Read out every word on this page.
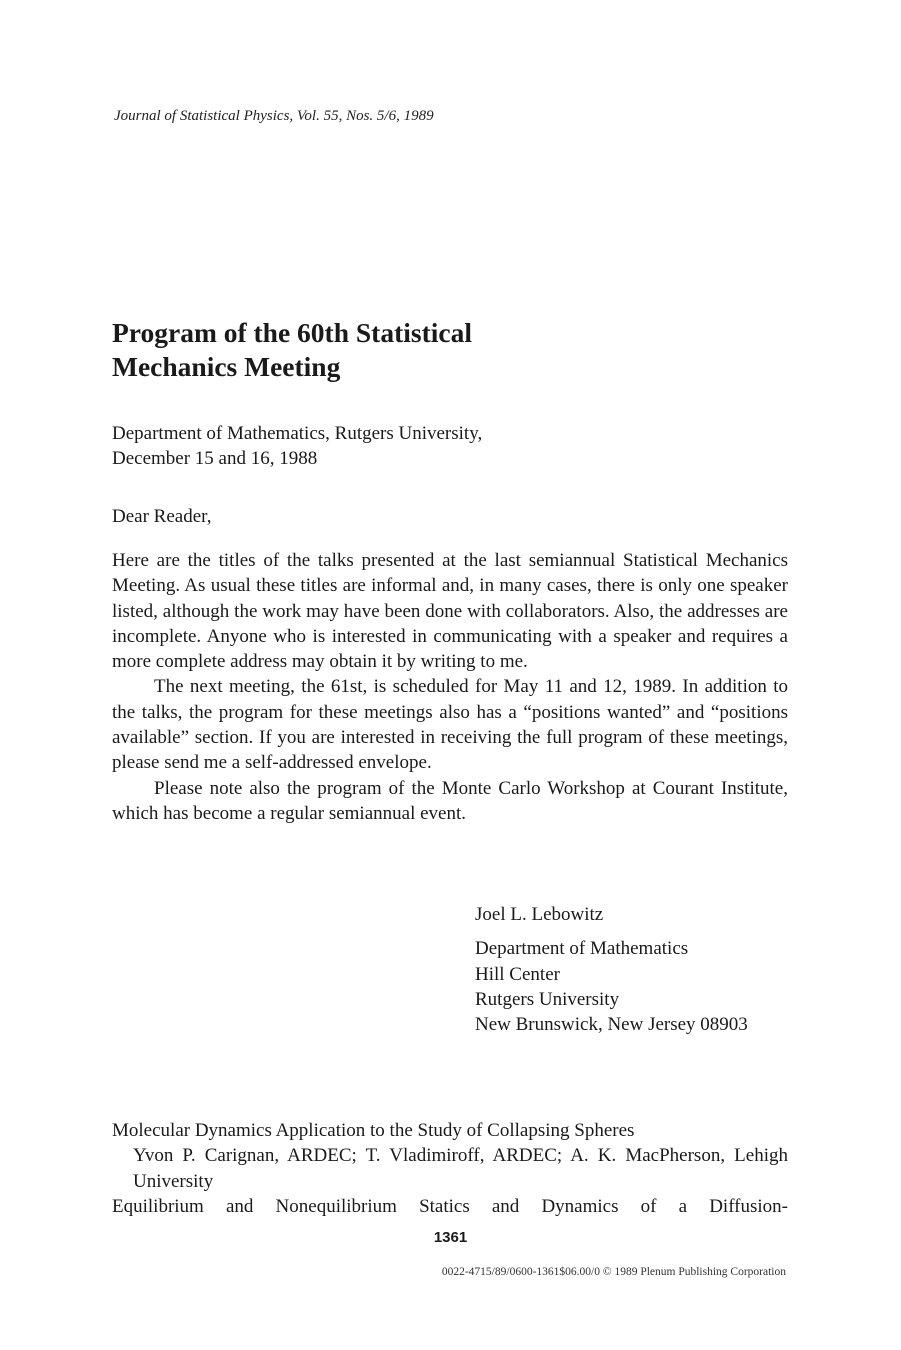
Journal of Statistical Physics, Vol. 55, Nos. 5/6, 1989
Program of the 60th Statistical
Mechanics Meeting
Department of Mathematics, Rutgers University,
December 15 and 16, 1988
Dear Reader,

Here are the titles of the talks presented at the last semiannual Statistical Mechanics Meeting. As usual these titles are informal and, in many cases, there is only one speaker listed, although the work may have been done with collaborators. Also, the addresses are incomplete. Anyone who is interested in communicating with a speaker and requires a more complete address may obtain it by writing to me.

The next meeting, the 61st, is scheduled for May 11 and 12, 1989. In addition to the talks, the program for these meetings also has a “positions wanted” and “positions available” section. If you are interested in receiving the full program of these meetings, please send me a self-addressed envelope.

Please note also the program of the Monte Carlo Workshop at Courant Institute, which has become a regular semiannual event.

Joel L. Lebowitz
Department of Mathematics
Hill Center
Rutgers University
New Brunswick, New Jersey 08903
Molecular Dynamics Application to the Study of Collapsing Spheres
Yvon P. Carignan, ARDEC; T. Vladimiroff, ARDEC; A. K. MacPherson, Lehigh University
Equilibrium and Nonequilibrium Statics and Dynamics of a Diffusion-
1361
0022-4715/89/0600-1361$06.00/0 © 1989 Plenum Publishing Corporation
